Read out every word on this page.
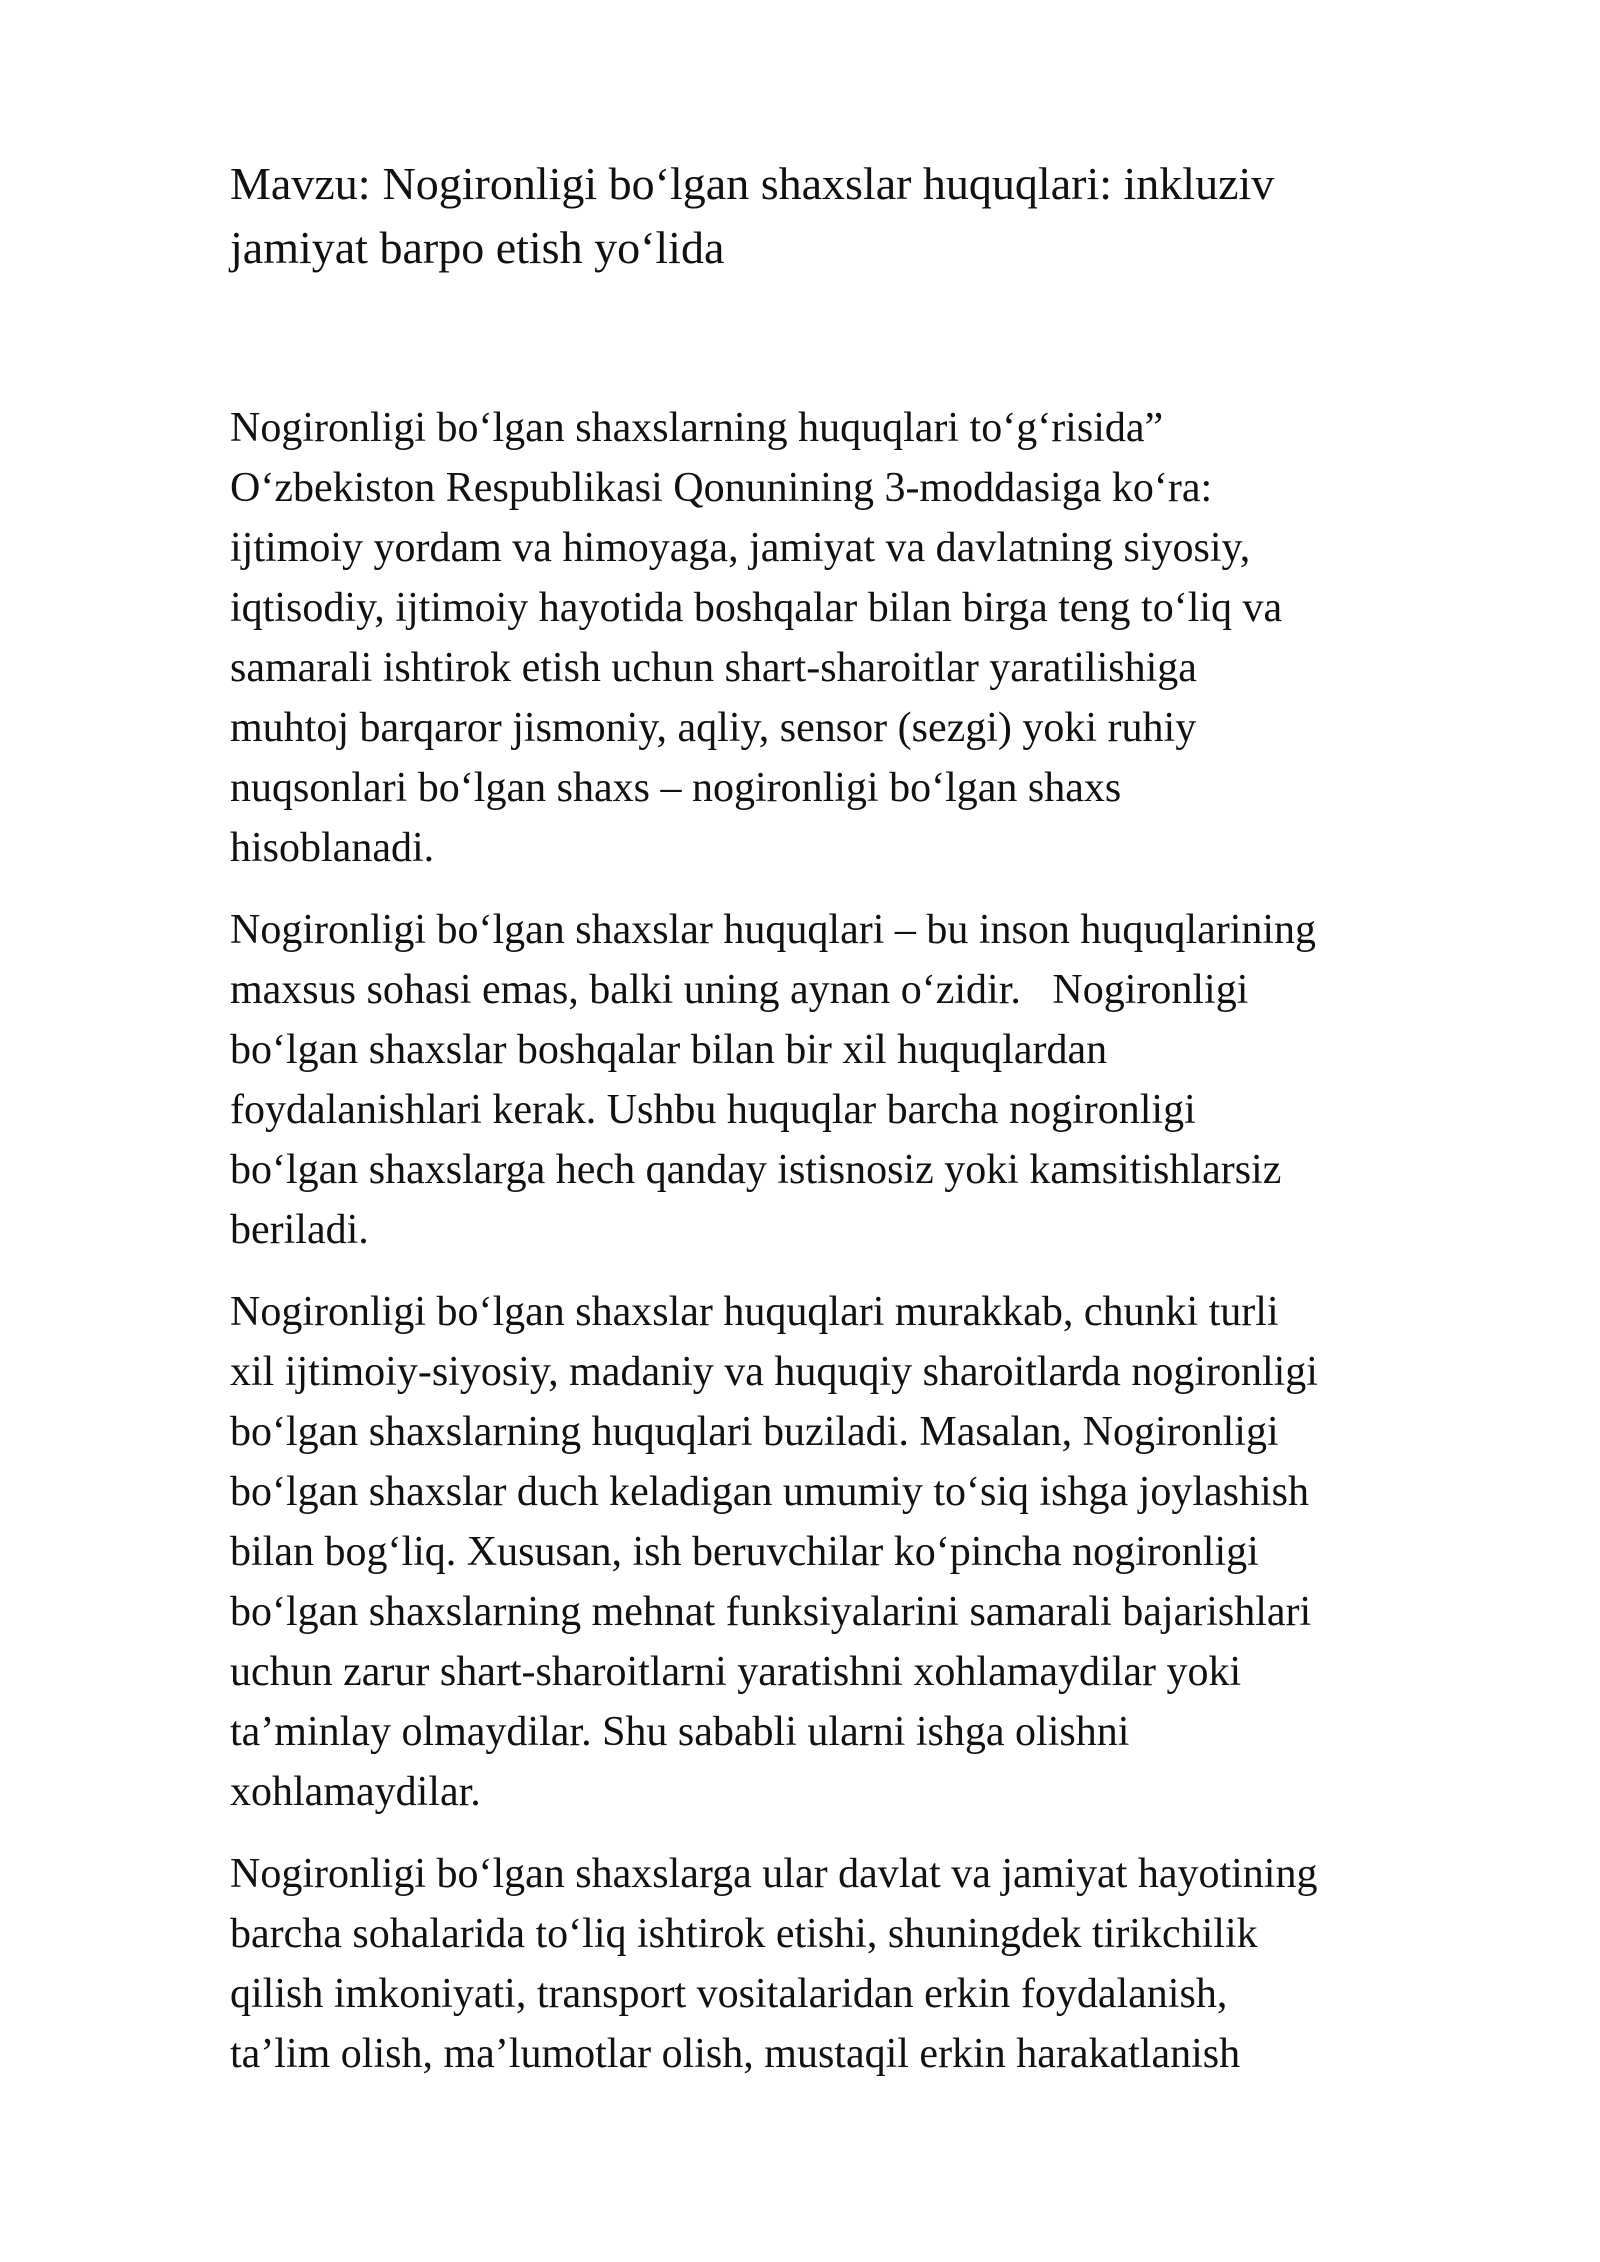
Mavzu: Nogironligi bo‘lgan shaxslar huquqlari: inkluziv
jamiyat barpo etish yo‘lida

Nogironligi bo‘lgan shaxslarning huquqlari to‘g‘risida”
O‘zbekiston Respublikasi Qonunining 3-moddasiga ko‘ra:
ijtimoiy yordam va himoyaga, jamiyat va davlatning siyosiy,
iqtisodiy, ijtimoiy hayotida boshqalar bilan birga teng to‘liq va
samarali ishtirok etish uchun shart-sharoitlar yaratilishiga
muhtoj barqaror jismoniy, aqliy, sensor (sezgi) yoki ruhiy
nuqsonlari bo‘lgan shaxs – nogironligi bo‘lgan shaxs
hisoblanadi.

Nogironligi bo‘lgan shaxslar huquqlari – bu inson huquqlarining
maxsus sohasi emas, balki uning aynan o‘zidir.   Nogironligi
bo‘lgan shaxslar boshqalar bilan bir xil huquqlardan
foydalanishlari kerak. Ushbu huquqlar barcha nogironligi
bo‘lgan shaxslarga hech qanday istisnosiz yoki kamsitishlarsiz
beriladi.

Nogironligi bo‘lgan shaxslar huquqlari murakkab, chunki turli
xil ijtimoiy-siyosiy, madaniy va huquqiy sharoitlarda nogironligi
bo‘lgan shaxslarning huquqlari buziladi. Masalan, Nogironligi
bo‘lgan shaxslar duch keladigan umumiy to‘siq ishga joylashish
bilan bog‘liq. Xususan, ish beruvchilar ko‘pincha nogironligi
bo‘lgan shaxslarning mehnat funksiyalarini samarali bajarishlari
uchun zarur shart-sharoitlarni yaratishni xohlamaydilar yoki
ta’minlay olmaydilar. Shu sababli ularni ishga olishni
xohlamaydilar.

Nogironligi bo‘lgan shaxslarga ular davlat va jamiyat hayotining
barcha sohalarida to‘liq ishtirok etishi, shuningdek tirikchilik
qilish imkoniyati, transport vositalaridan erkin foydalanish,
ta’lim olish, ma’lumotlar olish, mustaqil erkin harakatlanish
